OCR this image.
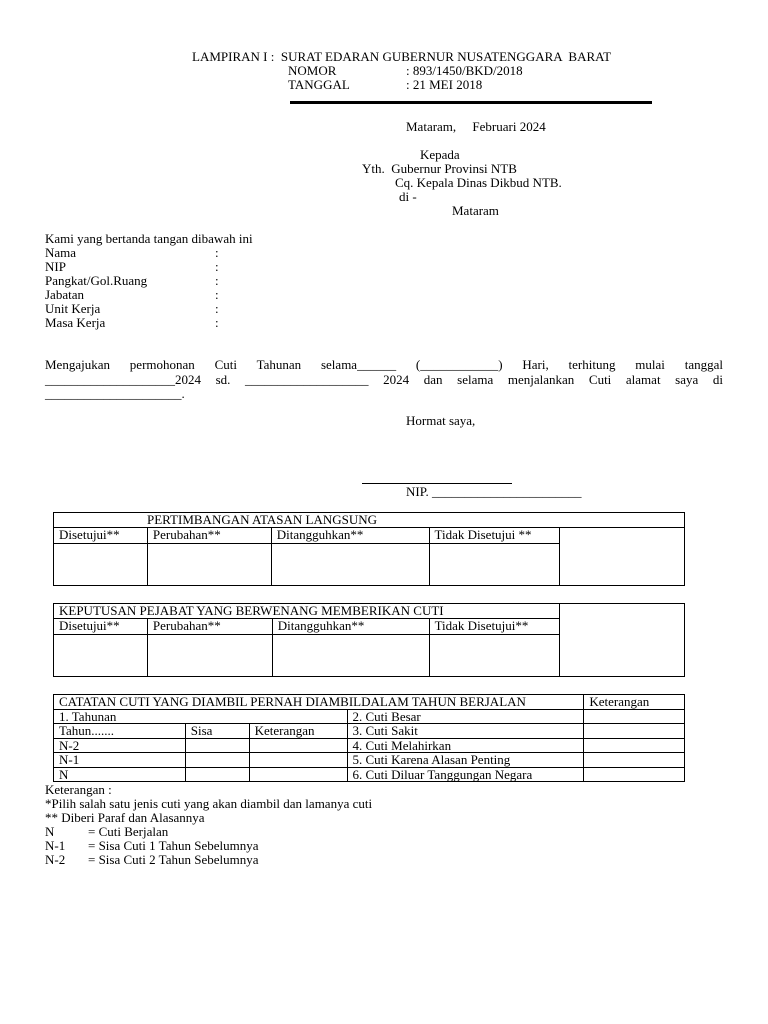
LAMPIRAN I :  SURAT EDARAN GUBERNUR NUSATENGGARA  BARAT
NOMOR	: 893/1450/BKD/2018
TANGGAL	: 21 MEI 2018
Mataram,     Februari 2024
Kepada
Yth.  Gubernur Provinsi NTB
Cq. Kepala Dinas Dikbud NTB.
di -
Mataram
Kami yang bertanda tangan dibawah ini
Nama	:
NIP	:
Pangkat/Gol.Ruang	:
Jabatan	:
Unit Kerja	:
Masa Kerja	:
Mengajukan permohonan Cuti Tahunan selama______ (____________) Hari, terhitung mulai tanggal ____________________2024 sd. ___________________ 2024 dan selama menjalankan Cuti alamat saya di _____________________.
Hormat saya,
NIP. _______________________
PERTIMBANGAN ATASAN LANGSUNG				
Disetujui**	Perubahan**	Ditangguhkan**	Tidak Disetujui **	

KEPUTUSAN PEJABAT YANG BERWENANG MEMBERIKAN CUTI				
Disetujui**	Perubahan**	Ditangguhkan**	Tidak Disetujui**	

CATATAN CUTI YANG DIAMBIL PERNAH DIAMBILDALAM TAHUN BERJALAN				Keterangan
1. Tahunan			2. Cuti Besar	
Tahun.......	Sisa	Keterangan	3. Cuti Sakit	
N-2			4. Cuti Melahirkan	
N-1			5. Cuti Karena Alasan Penting	
N			6. Cuti Diluar Tanggungan Negara	
Keterangan :
*Pilih salah satu jenis cuti yang akan diambil dan lamanya cuti
** Diberi Paraf dan Alasannya
N	= Cuti Berjalan
N-1 = Sisa Cuti 1 Tahun Sebelumnya
N-2 = Sisa Cuti 2 Tahun Sebelumnya
